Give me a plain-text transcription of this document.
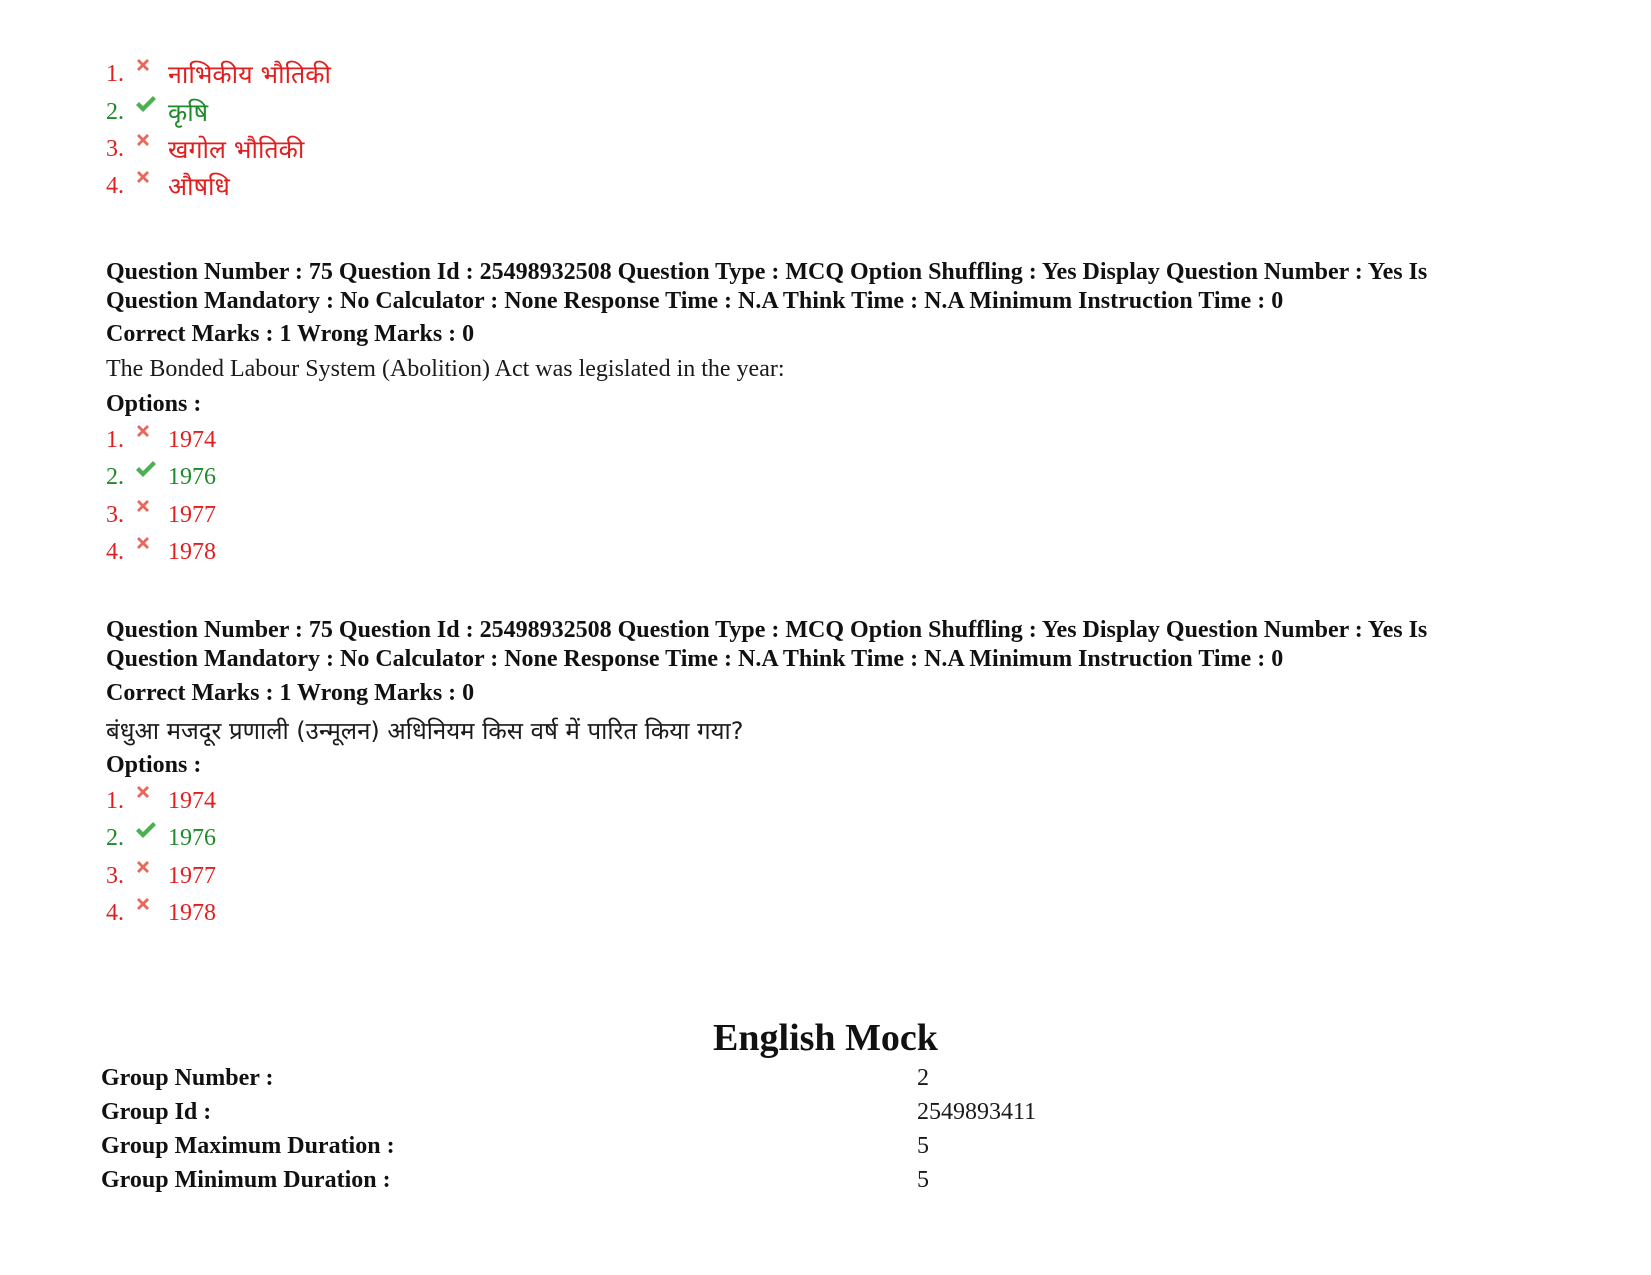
1.	नाभिकीय भौतिकी
2.	कृषि
3.	खगोल भौतिकी
4.	औषधि
Question Number : 75 Question Id : 25498932508 Question Type : MCQ Option Shuffling : Yes Display Question Number : Yes Is
Question Mandatory : No Calculator : None Response Time : N.A Think Time : N.A Minimum Instruction Time : 0
Correct Marks : 1 Wrong Marks : 0
The Bonded Labour System (Abolition) Act was legislated in the year:
Options :
1.	1974
2.	1976
3.	1977
4.	1978
Question Number : 75 Question Id : 25498932508 Question Type : MCQ Option Shuffling : Yes Display Question Number : Yes Is
Question Mandatory : No Calculator : None Response Time : N.A Think Time : N.A Minimum Instruction Time : 0
Correct Marks : 1 Wrong Marks : 0
बंधुआ मजदूर प्रणाली (उन्मूलन) अधिनियम किस वर्ष में पारित किया गया?
Options :
1.	1974
2.	1976
3.	1977
4.	1978
English Mock
Group Number :	2
Group Id :	2549893411
Group Maximum Duration :	5
Group Minimum Duration :	5
